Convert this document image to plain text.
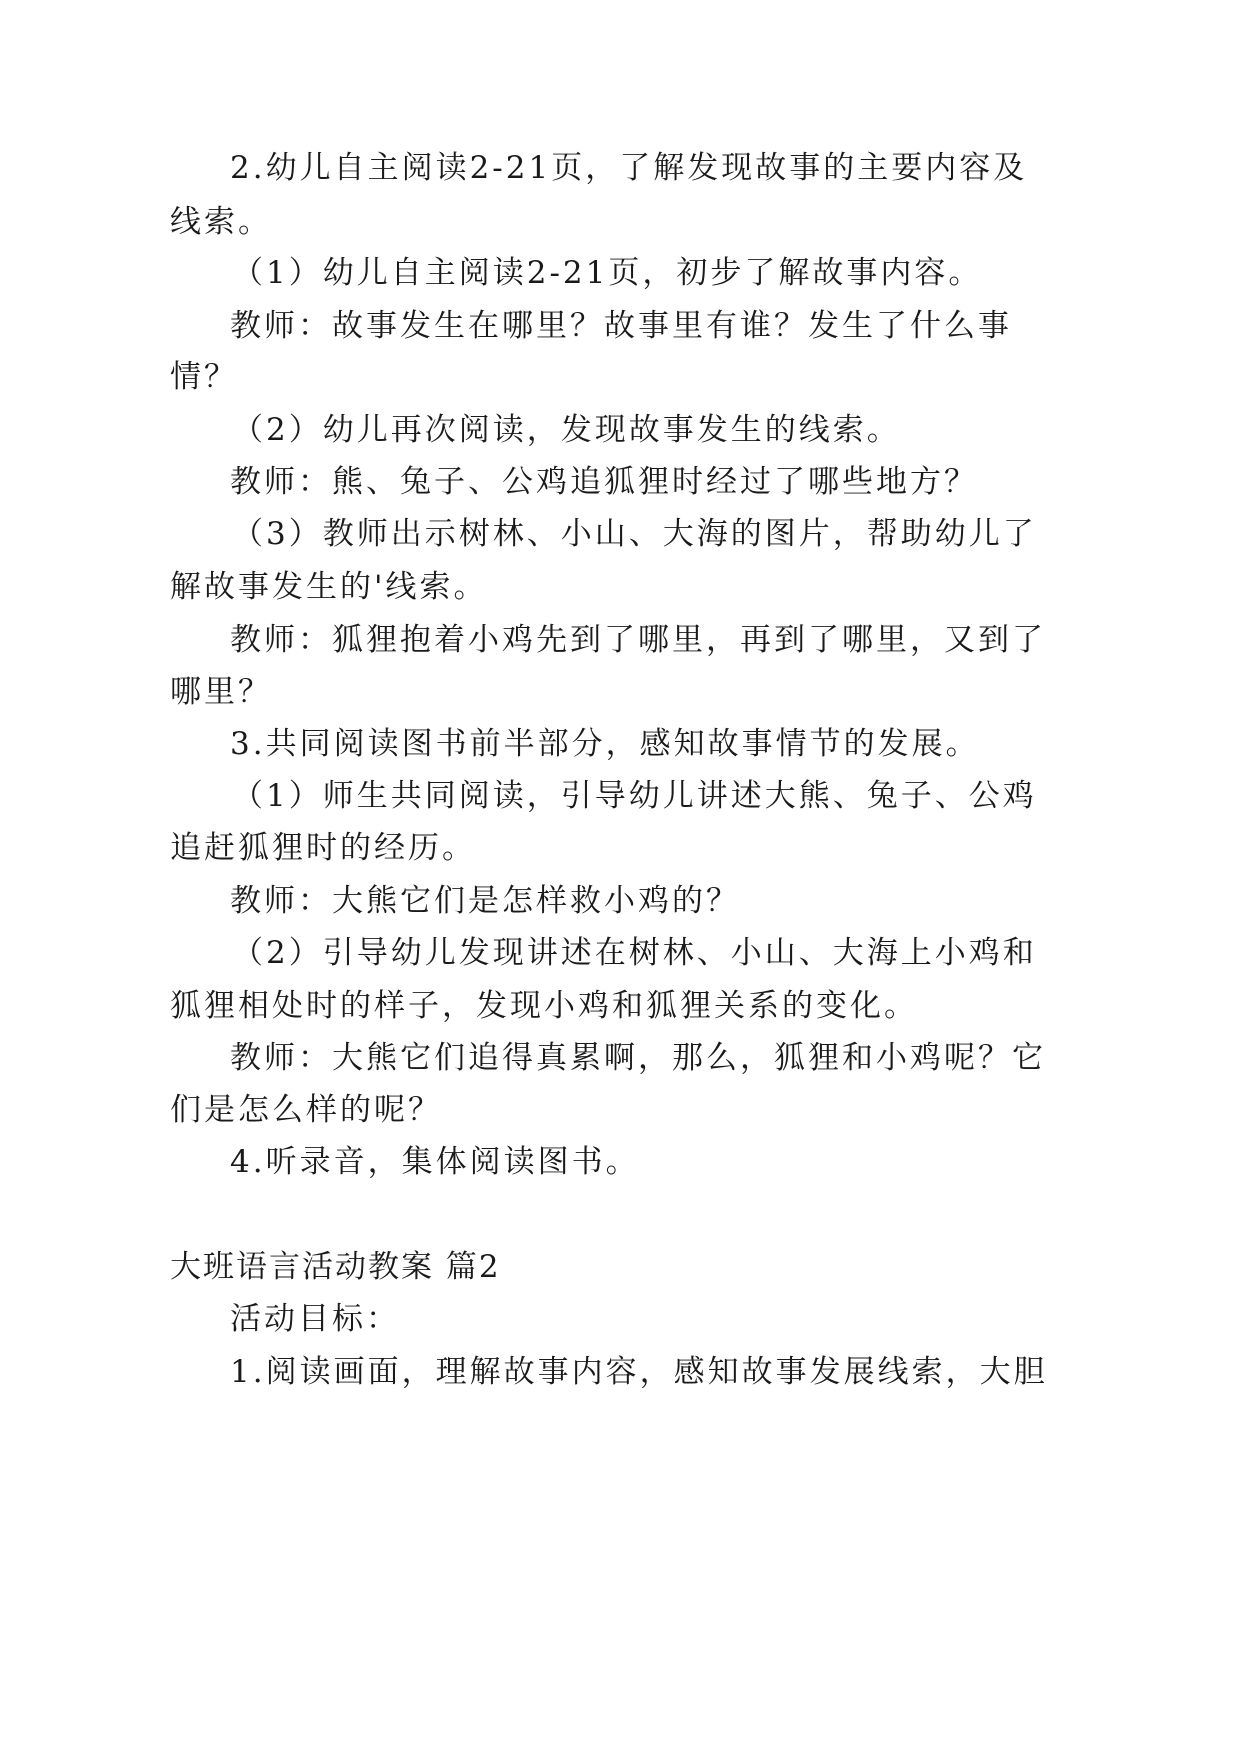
2.幼儿自主阅读2-21页，了解发现故事的主要内容及
线索。
（1）幼儿自主阅读2-21页，初步了解故事内容。
教师：故事发生在哪里？故事里有谁？发生了什么事
情？
（2）幼儿再次阅读，发现故事发生的线索。
教师：熊、兔子、公鸡追狐狸时经过了哪些地方？
（3）教师出示树林、小山、大海的图片，帮助幼儿了
解故事发生的'线索。
教师：狐狸抱着小鸡先到了哪里，再到了哪里，又到了
哪里？
3.共同阅读图书前半部分，感知故事情节的发展。
（1）师生共同阅读，引导幼儿讲述大熊、兔子、公鸡
追赶狐狸时的经历。
教师：大熊它们是怎样救小鸡的？
（2）引导幼儿发现讲述在树林、小山、大海上小鸡和
狐狸相处时的样子，发现小鸡和狐狸关系的变化。
教师：大熊它们追得真累啊，那么，狐狸和小鸡呢？它
们是怎么样的呢？
4.听录音，集体阅读图书。
大班语言活动教案 篇2
活动目标：
1.阅读画面，理解故事内容，感知故事发展线索，大胆
